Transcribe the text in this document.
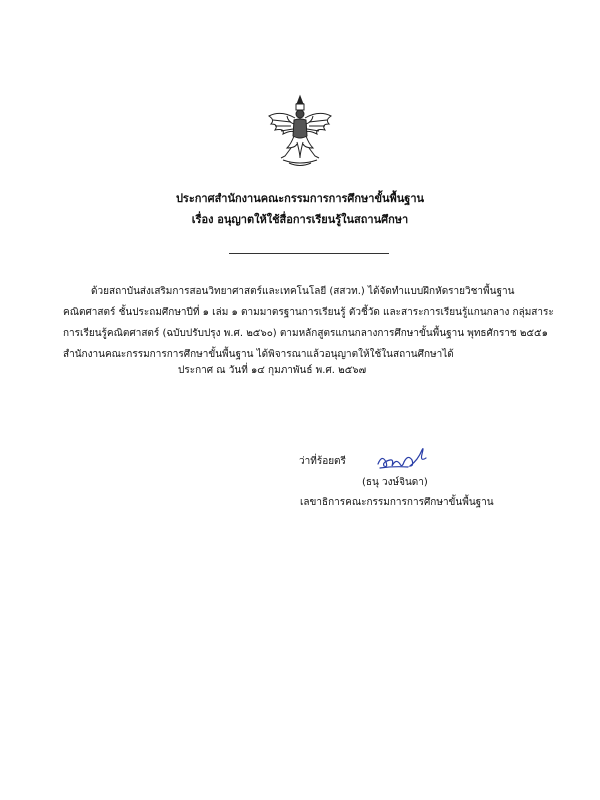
ประกาศสำนักงานคณะกรรมการการศึกษาขั้นพื้นฐาน
เรื่อง อนุญาตให้ใช้สื่อการเรียนรู้ในสถานศึกษา
ด้วยสถาบันส่งเสริมการสอนวิทยาศาสตร์และเทคโนโลยี (สสวท.) ได้จัดทำแบบฝึกหัดรายวิชาพื้นฐาน
คณิตศาสตร์ ชั้นประถมศึกษาปีที่ ๑ เล่ม ๑ ตามมาตรฐานการเรียนรู้ ตัวชี้วัด และสาระการเรียนรู้แกนกลาง กลุ่มสาระ
การเรียนรู้คณิตศาสตร์ (ฉบับปรับปรุง พ.ศ. ๒๕๖๐) ตามหลักสูตรแกนกลางการศึกษาขั้นพื้นฐาน พุทธศักราช ๒๕๕๑
สำนักงานคณะกรรมการการศึกษาขั้นพื้นฐาน ได้พิจารณาแล้วอนุญาตให้ใช้ในสถานศึกษาได้
ประกาศ ณ วันที่ ๑๔ กุมภาพันธ์ พ.ศ. ๒๕๖๗
ว่าที่ร้อยตรี
(ธนุ วงษ์จินดา)
เลขาธิการคณะกรรมการการศึกษาขั้นพื้นฐาน
